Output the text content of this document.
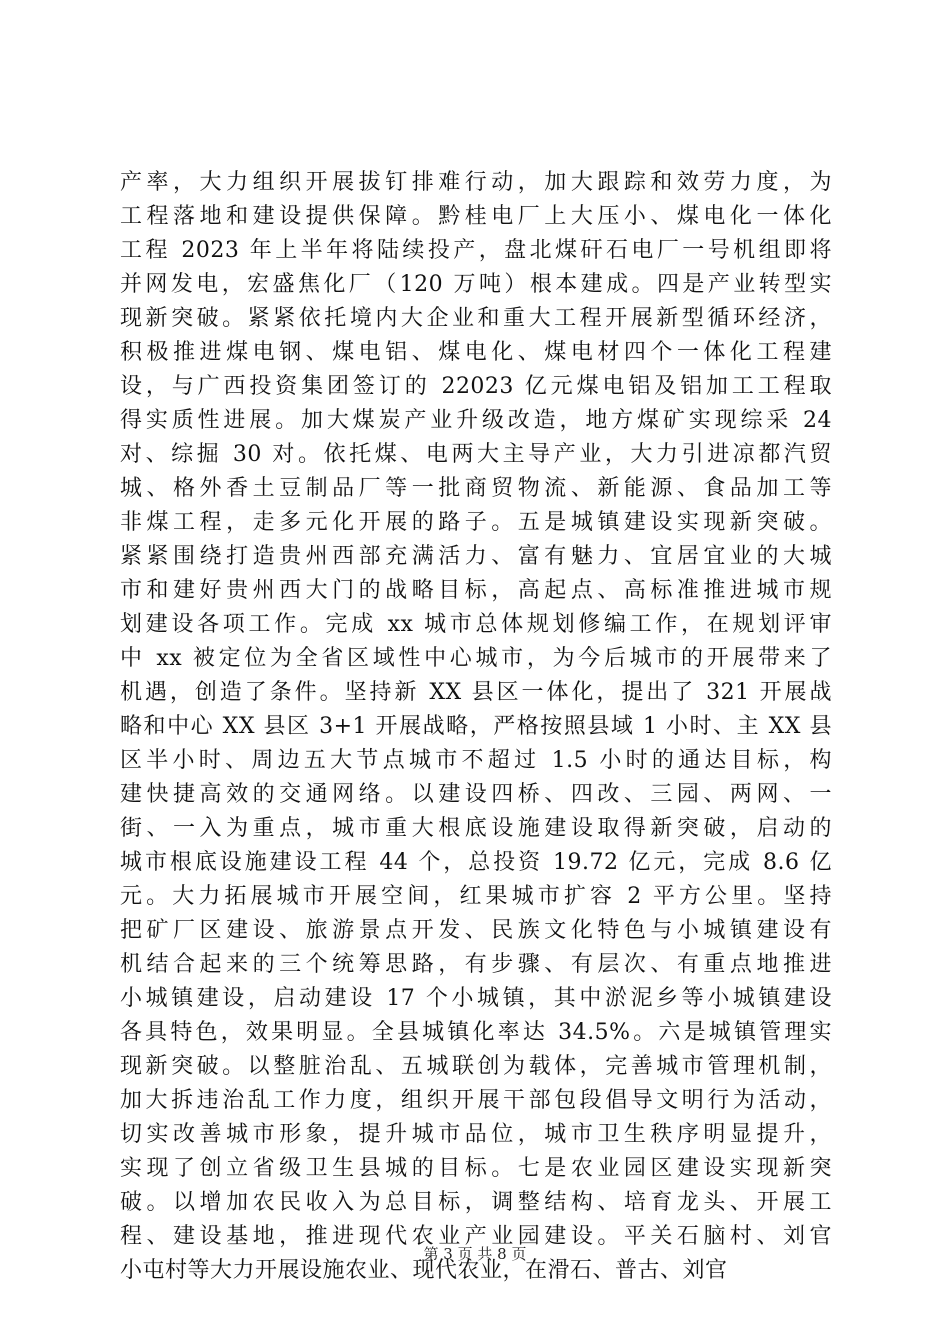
产率，大力组织开展拔钉排难行动，加大跟踪和效劳力度，为
工程落地和建设提供保障。黔桂电厂上大压小、煤电化一体化
工程 2023 年上半年将陆续投产，盘北煤矸石电厂一号机组即将
并网发电，宏盛焦化厂（120 万吨）根本建成。四是产业转型实
现新突破。紧紧依托境内大企业和重大工程开展新型循环经济，
积极推进煤电钢、煤电铝、煤电化、煤电材四个一体化工程建
设，与广西投资集团签订的 22023 亿元煤电铝及铝加工工程取
得实质性进展。加大煤炭产业升级改造，地方煤矿实现综采 24
对、综掘 30 对。依托煤、电两大主导产业，大力引进凉都汽贸
城、格外香土豆制品厂等一批商贸物流、新能源、食品加工等
非煤工程，走多元化开展的路子。五是城镇建设实现新突破。
紧紧围绕打造贵州西部充满活力、富有魅力、宜居宜业的大城
市和建好贵州西大门的战略目标，高起点、高标准推进城市规
划建设各项工作。完成 xx 城市总体规划修编工作，在规划评审
中 xx 被定位为全省区域性中心城市，为今后城市的开展带来了
机遇，创造了条件。坚持新 XX 县区一体化，提出了 321 开展战
略和中心 XX 县区 3+1 开展战略，严格按照县域 1 小时、主 XX 县
区半小时、周边五大节点城市不超过 1.5 小时的通达目标，构
建快捷高效的交通网络。以建设四桥、四改、三园、两网、一
街、一入为重点，城市重大根底设施建设取得新突破，启动的
城市根底设施建设工程 44 个，总投资 19.72 亿元，完成 8.6 亿
元。大力拓展城市开展空间，红果城市扩容 2 平方公里。坚持
把矿厂区建设、旅游景点开发、民族文化特色与小城镇建设有
机结合起来的三个统筹思路，有步骤、有层次、有重点地推进
小城镇建设，启动建设 17 个小城镇，其中淤泥乡等小城镇建设
各具特色，效果明显。全县城镇化率达 34.5%。六是城镇管理实
现新突破。以整脏治乱、五城联创为载体，完善城市管理机制，
加大拆违治乱工作力度，组织开展干部包段倡导文明行为活动，
切实改善城市形象，提升城市品位，城市卫生秩序明显提升，
实现了创立省级卫生县城的目标。七是农业园区建设实现新突
破。以增加农民收入为总目标，调整结构、培育龙头、开展工
程、建设基地，推进现代农业产业园建设。平关石脑村、刘官
小屯村等大力开展设施农业、现代农业，在滑石、普古、刘官
第 3 页 共 8 页
